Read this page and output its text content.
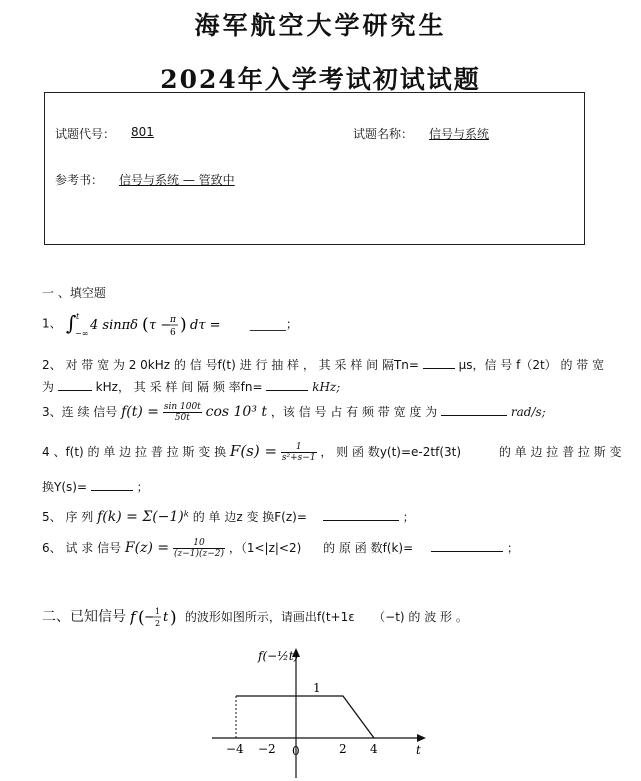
海军航空大学研究生
2024年入学考试初试试题
试题代号： 801	试题名称： 信号与系统
参考书： 信号与系统 — 管致中
一 、填空题
1、 ∫ t
−∞
4 sinπδ ( τ −
π
6 ) dτ = ______；
2、 对 带 宽 为 2 0kHz 的 信 号f(t) 进 行 抽 样 ， 其 采 样 间 隔Tn=	μs，信 号 f（2t） 的 带 宽
为	kHz， 其 采 样 间 隔 频 率fn=	kHz;
3、连 续 信号 $f(t) = \frac{\sin 100t}{50t}$ cos 10³ t ，该 信 号 占 有 频 带 宽 度 为	rad/s;
4 、f(t) 的 单 边 拉 普 拉 斯 变 换 $F(s) = \frac{1}{\text{s²+s−1}}$ ， 则 函 数y(t)=e-2tf(3t)	的 单 边 拉 普 拉 斯 变
换Y(s)=	；
5、 序 列 f(k) = Σ(−1)ᵏ 的 单 边z 变 换F(z)=	；
6、 试 求 信号 $F(z) = \frac{10}{(z-1)(z-2)}$ ，（1<|z|<2) 的 原 函 数f(k)=	；
二、已知信号 f ( − 1
2 t ) 的波形如图所示，请画出f(t+1ε （−t) 的 波 形 。
f(−½t)
1
−4 −2 0	2 4	t
